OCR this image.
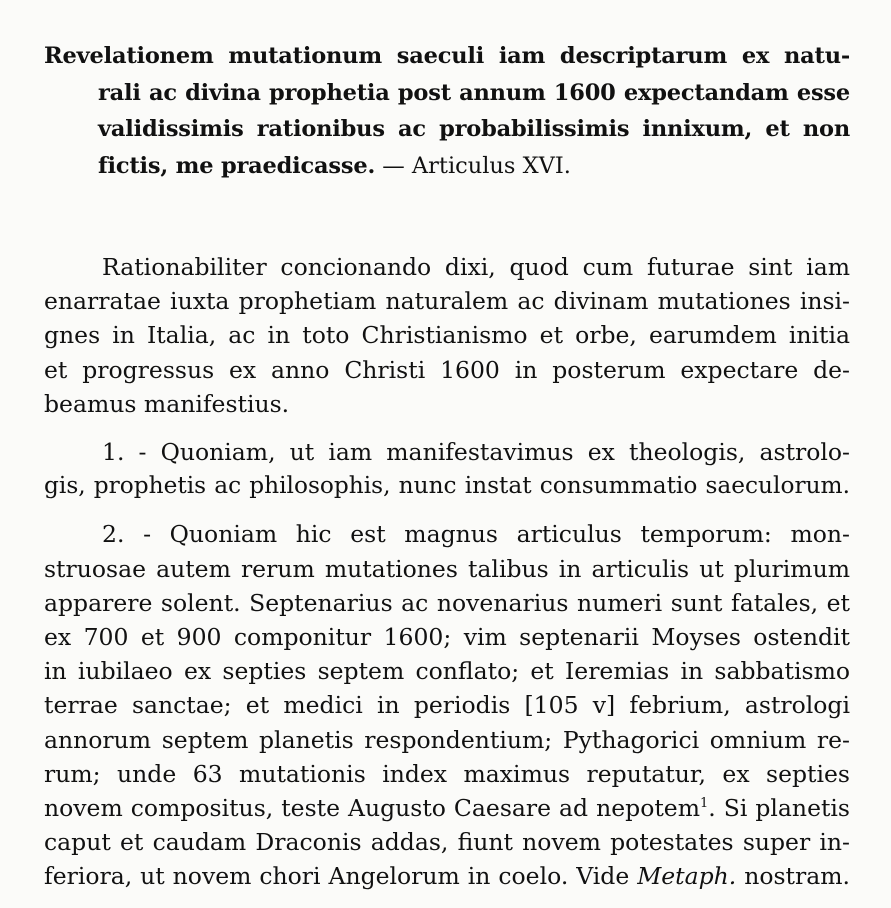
Revelationem mutationum saeculi iam descriptarum ex natu-
rali ac divina prophetia post annum 1600 expectandam esse
validissimis rationibus ac probabilissimis innixum, et non
fictis, me praedicasse. — Articulus XVI.

Rationabiliter concionando dixi, quod cum futurae sint iam
enarratae iuxta prophetiam naturalem ac divinam mutationes insi-
gnes in Italia, ac in toto Christianismo et orbe, earumdem initia
et progressus ex anno Christi 1600 in posterum expectare de-
beamus manifestius.

1. - Quoniam, ut iam manifestavimus ex theologis, astrolo-
gis, prophetis ac philosophis, nunc instat consummatio saeculorum.

2. - Quoniam hic est magnus articulus temporum: mon-
struosae autem rerum mutationes talibus in articulis ut plurimum
apparere solent. Septenarius ac novenarius numeri sunt fatales, et
ex 700 et 900 componitur 1600; vim septenarii Moyses ostendit
in iubilaeo ex septies septem conflato; et Ieremias in sabbatismo
terrae sanctae; et medici in periodis [105 v] febrium, astrologi
annorum septem planetis respondentium; Pythagorici omnium re-
rum; unde 63 mutationis index maximus reputatur, ex septies
novem compositus, teste Augusto Caesare ad nepotem$^1$. Si planetis
caput et caudam Draconis addas, fiunt novem potestates super in-
feriora, ut novem chori Angelorum in coelo. Vide Metaph. nostram.
